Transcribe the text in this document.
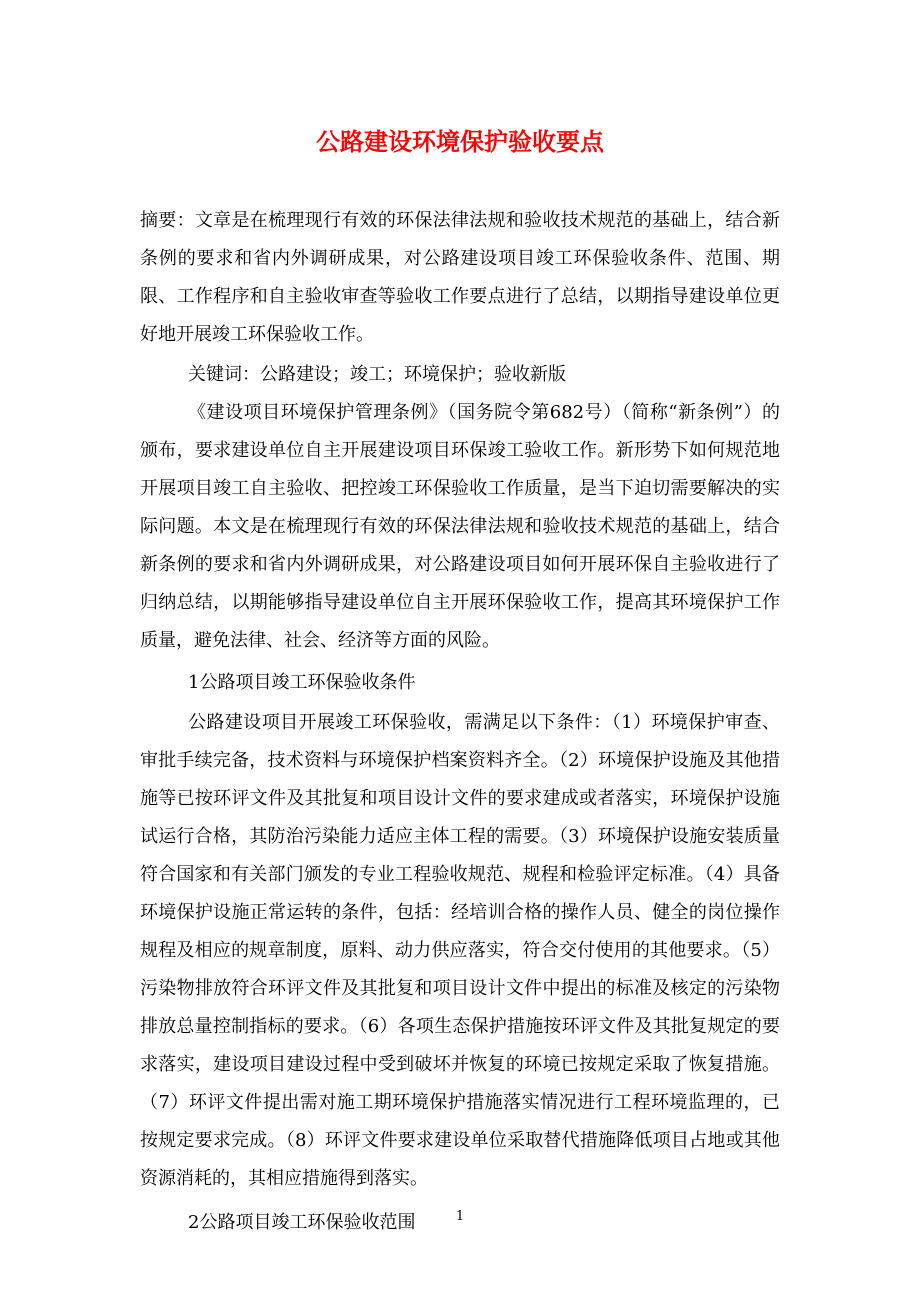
公路建设环境保护验收要点

摘要：文章是在梳理现行有效的环保法律法规和验收技术规范的基础上，结合新条例的要求和省内外调研成果，对公路建设项目竣工环保验收条件、范围、期限、工作程序和自主验收审查等验收工作要点进行了总结，以期指导建设单位更好地开展竣工环保验收工作。

关键词：公路建设；竣工；环境保护；验收新版

《建设项目环境保护管理条例》（国务院令第682号）（简称“新条例”）的颁布，要求建设单位自主开展建设项目环保竣工验收工作。新形势下如何规范地开展项目竣工自主验收、把控竣工环保验收工作质量，是当下迫切需要解决的实际问题。本文是在梳理现行有效的环保法律法规和验收技术规范的基础上，结合新条例的要求和省内外调研成果，对公路建设项目如何开展环保自主验收进行了归纳总结，以期能够指导建设单位自主开展环保验收工作，提高其环境保护工作质量，避免法律、社会、经济等方面的风险。

1公路项目竣工环保验收条件

公路建设项目开展竣工环保验收，需满足以下条件：（1）环境保护审查、审批手续完备，技术资料与环境保护档案资料齐全。（2）环境保护设施及其他措施等已按环评文件及其批复和项目设计文件的要求建成或者落实，环境保护设施试运行合格，其防治污染能力适应主体工程的需要。（3）环境保护设施安装质量符合国家和有关部门颁发的专业工程验收规范、规程和检验评定标准。（4）具备环境保护设施正常运转的条件，包括：经培训合格的操作人员、健全的岗位操作规程及相应的规章制度，原料、动力供应落实，符合交付使用的其他要求。（5）污染物排放符合环评文件及其批复和项目设计文件中提出的标准及核定的污染物排放总量控制指标的要求。（6）各项生态保护措施按环评文件及其批复规定的要求落实，建设项目建设过程中受到破坏并恢复的环境已按规定采取了恢复措施。（7）环评文件提出需对施工期环境保护措施落实情况进行工程环境监理的，已按规定要求完成。（8）环评文件要求建设单位采取替代措施降低项目占地或其他资源消耗的，其相应措施得到落实。

2公路项目竣工环保验收范围	1
